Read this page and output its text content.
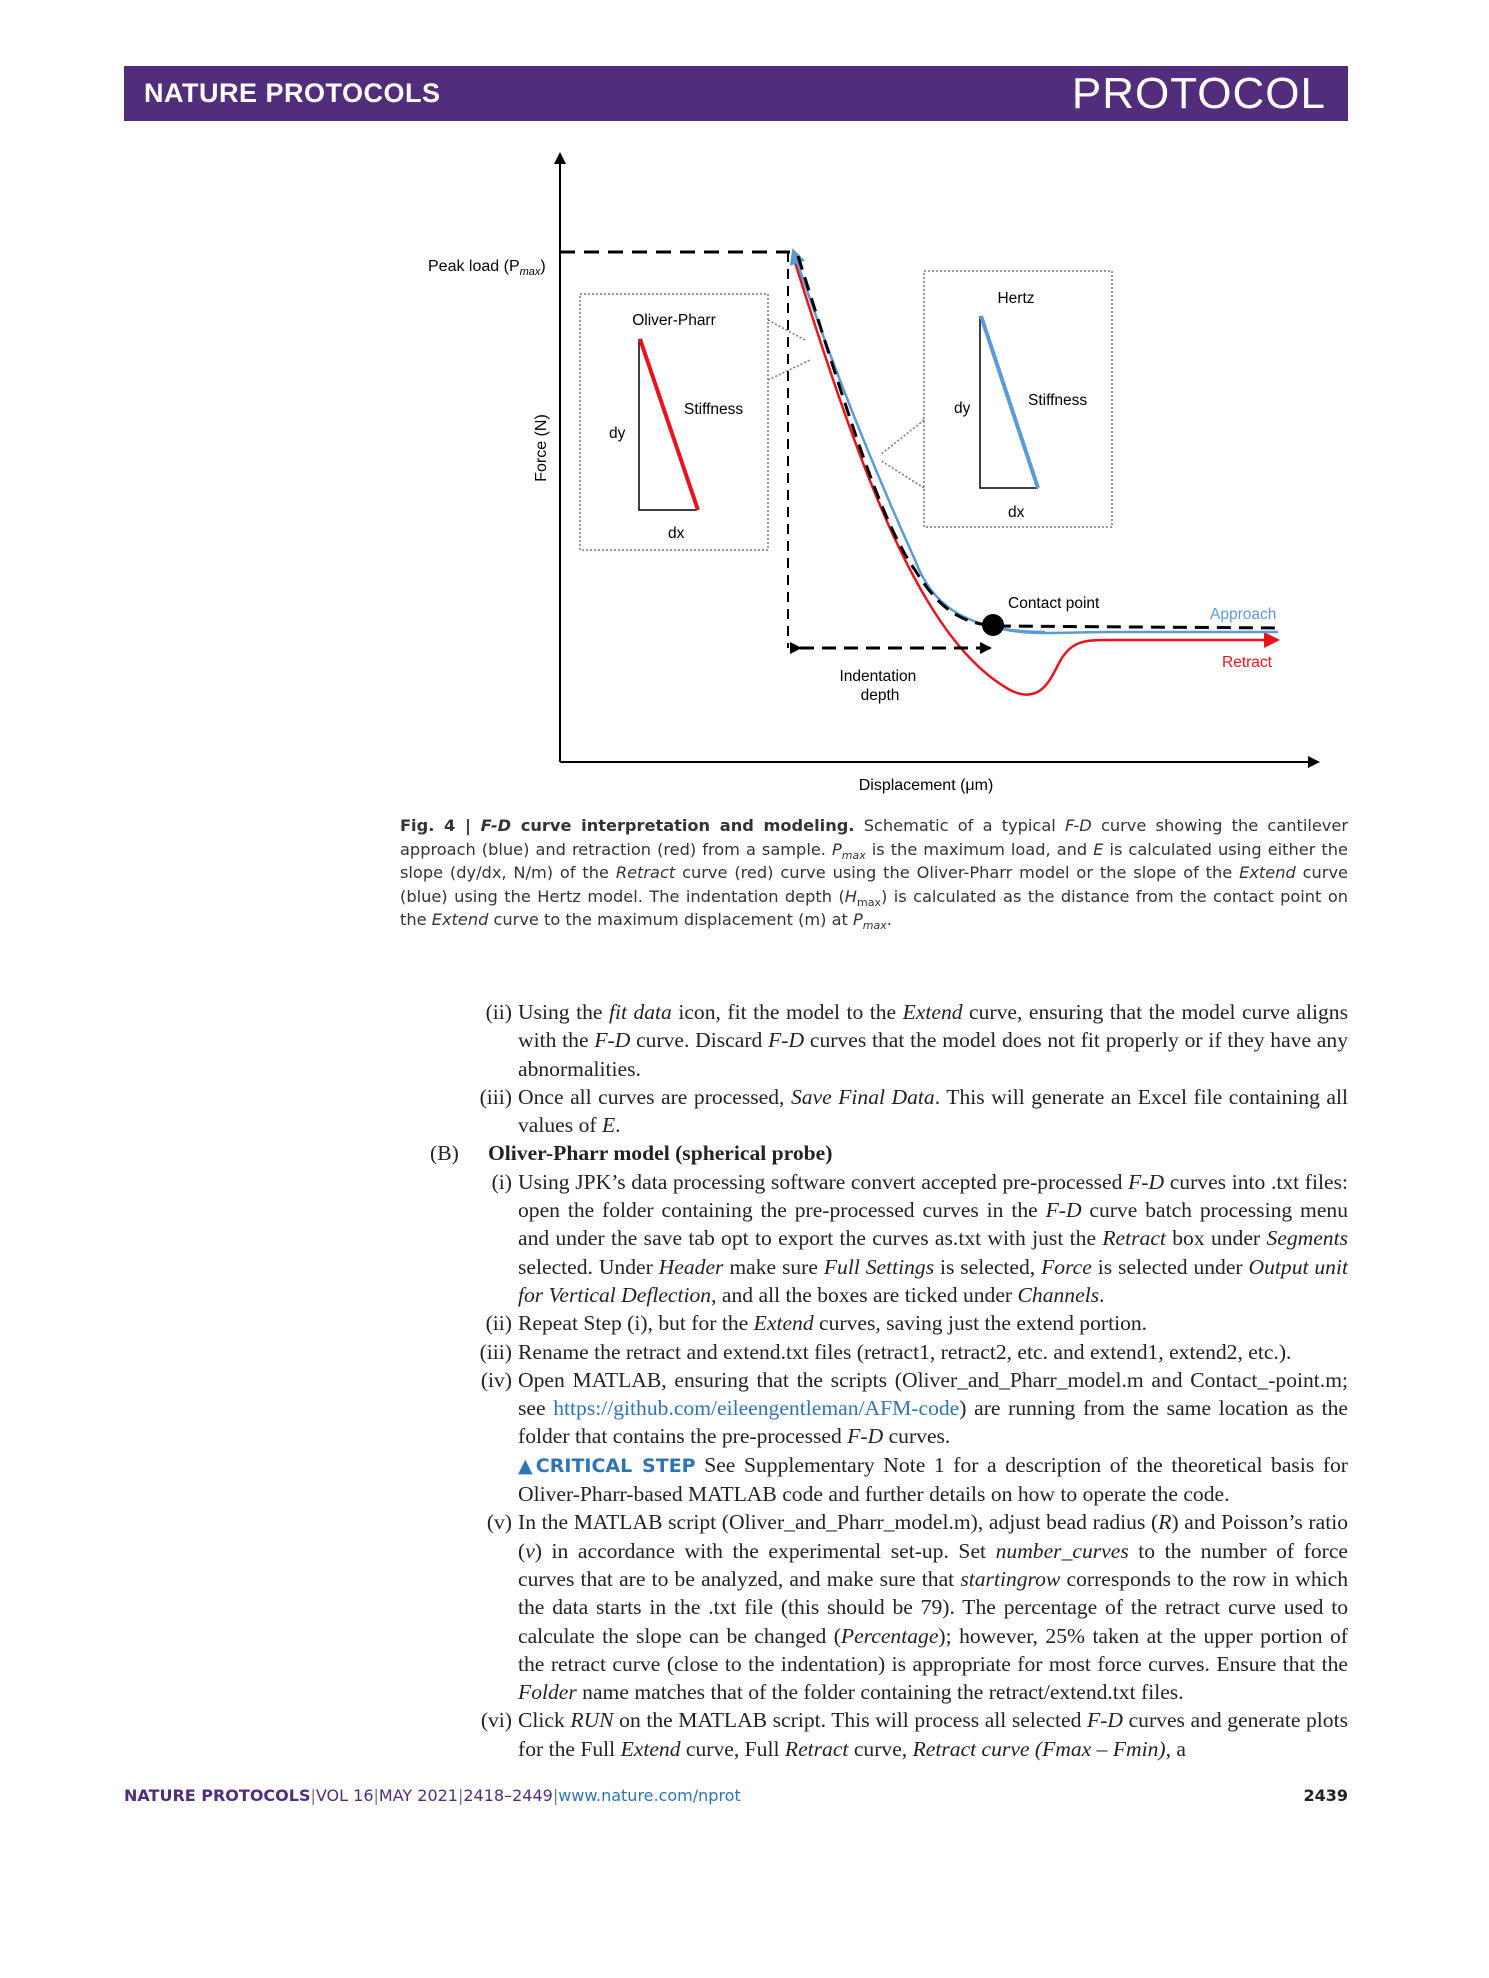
NATURE PROTOCOLS	PROTOCOL
Force (N)
Displacement (μm)
Peak load $(P_{max})$
Contact point
Approach
Retract
Indentation depth
Oliver-Pharr
Stiffness
dy
dx
Hertz
Stiffness
dy
dx
Fig. 4 | F-D curve interpretation and modeling. Schematic of a typical F-D curve showing the cantilever approach (blue) and retraction (red) from a sample. $P_{max}$ is the maximum load, and E is calculated using either the slope (dy/dx, N/m) of the Retract curve (red) curve using the Oliver-Pharr model or the slope of the Extend curve (blue) using the Hertz model. The indentation depth $(H_{max})$ is calculated as the distance from the contact point on the Extend curve to the maximum displacement (m) at $P_{max}$.
(ii) Using the fit data icon, fit the model to the Extend curve, ensuring that the model curve aligns with the F-D curve. Discard F-D curves that the model does not fit properly or if they have any abnormalities.
(iii) Once all curves are processed, Save Final Data. This will generate an Excel file containing all values of E.
(B) Oliver-Pharr model (spherical probe)
(i) Using JPK’s data processing software convert accepted pre-processed F-D curves into .txt files: open the folder containing the pre-processed curves in the F-D curve batch processing menu and under the save tab opt to export the curves as.txt with just the Retract box under Segments selected. Under Header make sure Full Settings is selected, Force is selected under Output unit for Vertical Deflection, and all the boxes are ticked under Channels.
(ii) Repeat Step (i), but for the Extend curves, saving just the extend portion.
(iii) Rename the retract and extend.txt files (retract1, retract2, etc. and extend1, extend2, etc.).
(iv) Open MATLAB, ensuring that the scripts (Oliver_and_Pharr_model.m and Contact_-point.m; see https://github.com/eileengentleman/AFM-code) are running from the same location as the folder that contains the pre-processed F-D curves.
▲CRITICAL STEP See Supplementary Note 1 for a description of the theoretical basis for Oliver-Pharr-based MATLAB code and further details on how to operate the code.
(v) In the MATLAB script (Oliver_and_Pharr_model.m), adjust bead radius (R) and Poisson’s ratio (ν) in accordance with the experimental set-up. Set number_curves to the number of force curves that are to be analyzed, and make sure that startingrow corresponds to the row in which the data starts in the .txt file (this should be 79). The percentage of the retract curve used to calculate the slope can be changed (Percentage); however, 25% taken at the upper portion of the retract curve (close to the indentation) is appropriate for most force curves. Ensure that the Folder name matches that of the folder containing the retract/extend.txt files.
(vi) Click RUN on the MATLAB script. This will process all selected F-D curves and generate plots for the Full Extend curve, Full Retract curve, Retract curve (Fmax – Fmin), a
NATURE PROTOCOLS|VOL 16|MAY 2021|2418–2449|www.nature.com/nprot	2439
